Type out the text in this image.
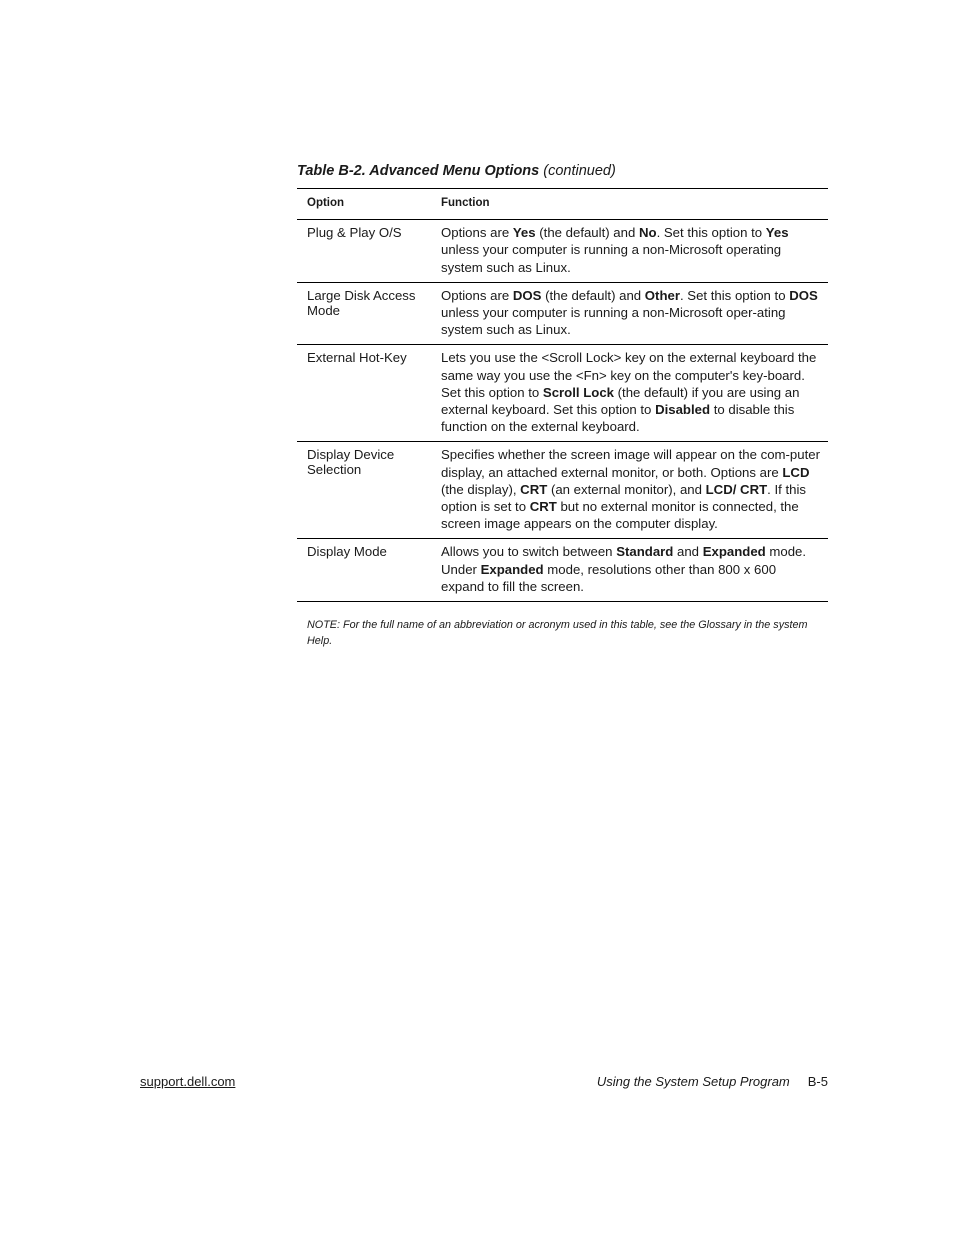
Table B-2. Advanced Menu Options (continued)
Option	Function
Plug & Play O/S	Options are Yes (the default) and No. Set this option to Yes unless your computer is running a non-Microsoft operating system such as Linux.
Large Disk Access Mode	Options are DOS (the default) and Other. Set this option to DOS unless your computer is running a non-Microsoft oper-ating system such as Linux.
External Hot-Key	Lets you use the <Scroll Lock> key on the external keyboard the same way you use the <Fn> key on the computer's key-board. Set this option to Scroll Lock (the default) if you are using an external keyboard. Set this option to Disabled to disable this function on the external keyboard.
Display Device Selection	Specifies whether the screen image will appear on the com-puter display, an attached external monitor, or both. Options are LCD (the display), CRT (an external monitor), and LCD/ CRT. If this option is set to CRT but no external monitor is connected, the screen image appears on the computer display.
Display Mode	Allows you to switch between Standard and Expanded mode. Under Expanded mode, resolutions other than 800 x 600 expand to fill the screen.
NOTE: For the full name of an abbreviation or acronym used in this table, see the Glossary in the system Help.
support.dell.com	Using the System Setup Program B-5
